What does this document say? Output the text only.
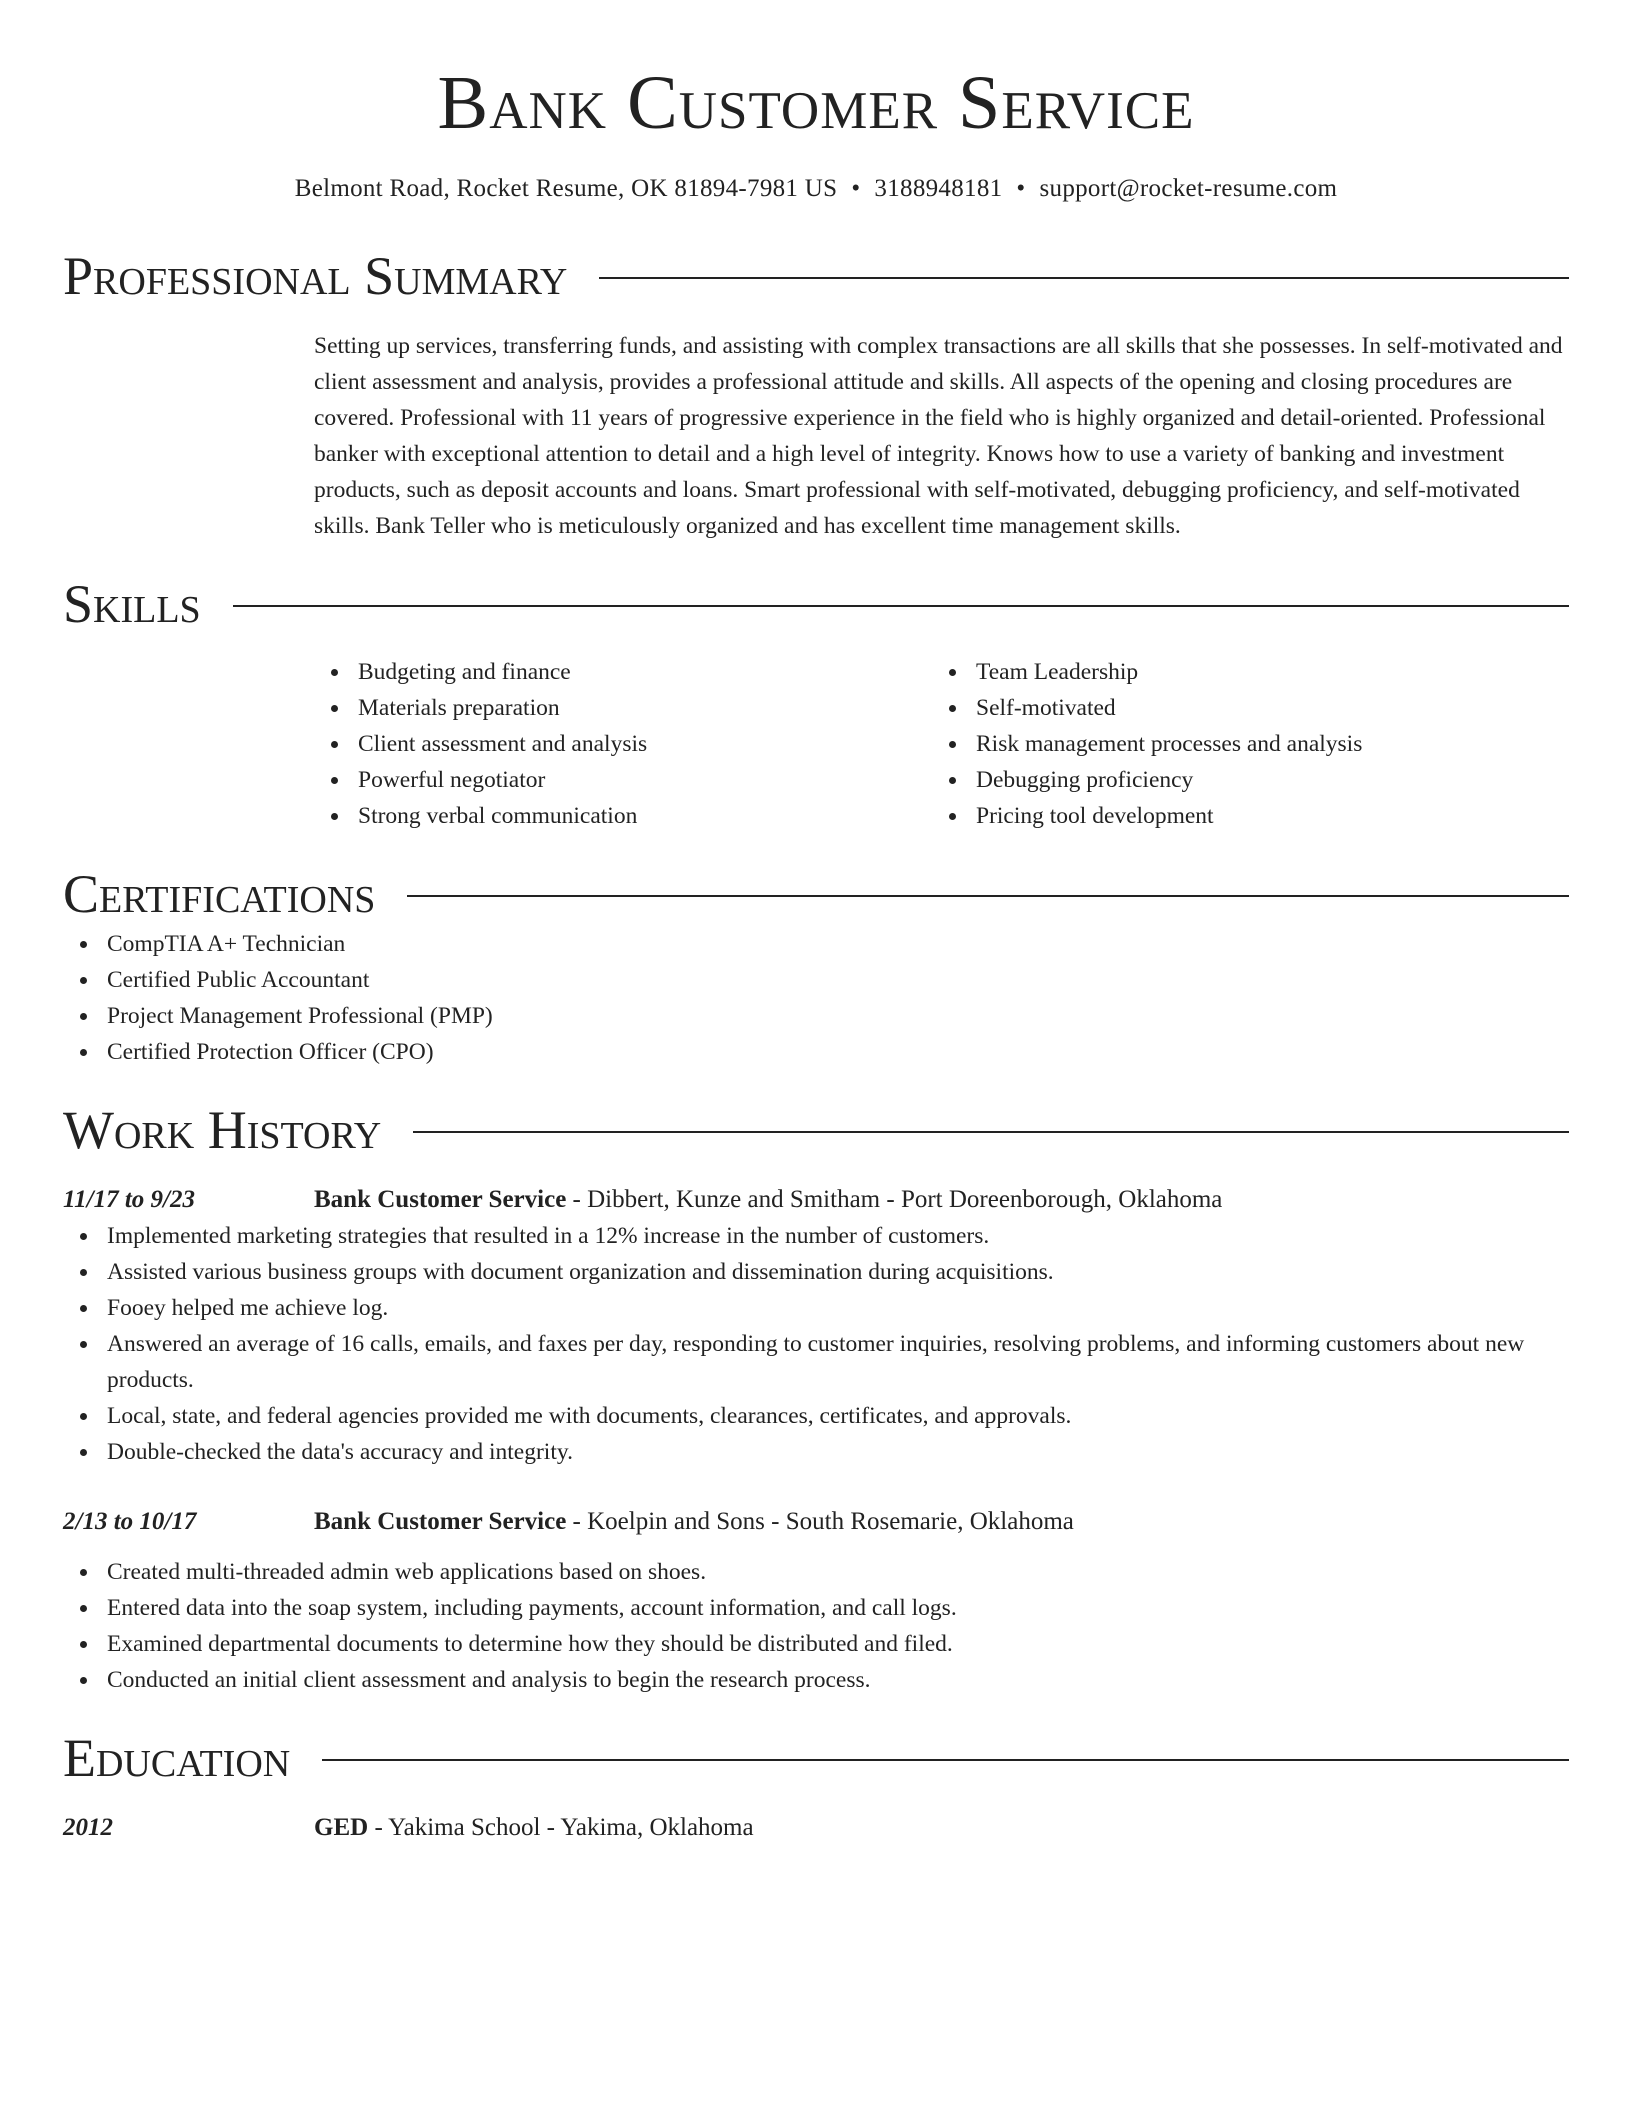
Bank Customer Service
Belmont Road, Rocket Resume, OK 81894-7981 US • 3188948181 • support@rocket-resume.com
Professional Summary
Setting up services, transferring funds, and assisting with complex transactions are all skills that she possesses. In self-motivated and client assessment and analysis, provides a professional attitude and skills. All aspects of the opening and closing procedures are covered. Professional with 11 years of progressive experience in the field who is highly organized and detail-oriented. Professional banker with exceptional attention to detail and a high level of integrity. Knows how to use a variety of banking and investment products, such as deposit accounts and loans. Smart professional with self-motivated, debugging proficiency, and self-motivated skills. Bank Teller who is meticulously organized and has excellent time management skills.
Skills
Budgeting and finance
Materials preparation
Client assessment and analysis
Powerful negotiator
Strong verbal communication
Team Leadership
Self-motivated
Risk management processes and analysis
Debugging proficiency
Pricing tool development
Certifications
CompTIA A+ Technician
Certified Public Accountant
Project Management Professional (PMP)
Certified Protection Officer (CPO)
Work History
11/17 to 9/23	Bank Customer Service - Dibbert, Kunze and Smitham - Port Doreenborough, Oklahoma
Implemented marketing strategies that resulted in a 12% increase in the number of customers.
Assisted various business groups with document organization and dissemination during acquisitions.
Fooey helped me achieve log.
Answered an average of 16 calls, emails, and faxes per day, responding to customer inquiries, resolving problems, and informing customers about new products.
Local, state, and federal agencies provided me with documents, clearances, certificates, and approvals.
Double-checked the data's accuracy and integrity.
2/13 to 10/17	Bank Customer Service - Koelpin and Sons - South Rosemarie, Oklahoma
Created multi-threaded admin web applications based on shoes.
Entered data into the soap system, including payments, account information, and call logs.
Examined departmental documents to determine how they should be distributed and filed.
Conducted an initial client assessment and analysis to begin the research process.
Education
2012	GED - Yakima School - Yakima, Oklahoma
